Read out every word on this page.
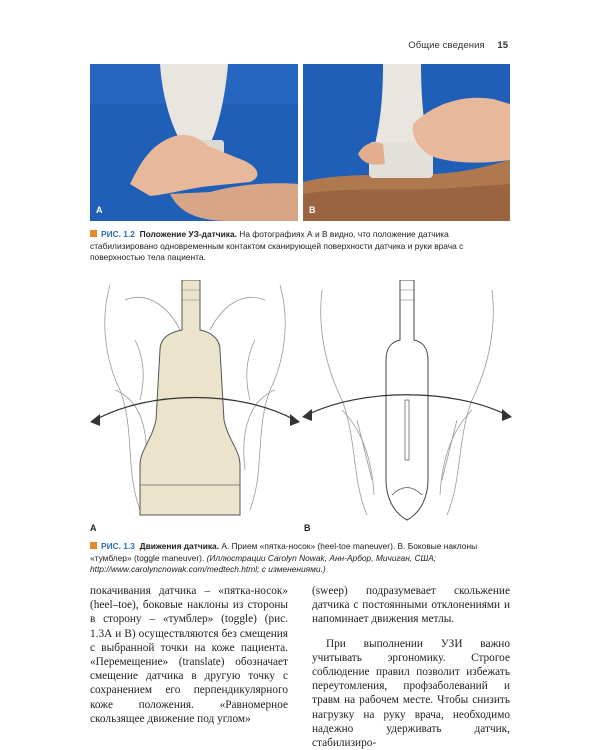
Общие сведения 15
A	B
РИС. 1.2 Положение УЗ-датчика. На фотографиях А и В видно, что положение датчика стабилизировано одновременным контактом сканирующей поверхности датчика и руки врача с поверхностью тела пациента.
A	B
РИС. 1.3 Движения датчика. А. Прием «пятка-носок» (heel-toe maneuver). В. Боковые наклоны «тумблер» (toggle maneuver). (Иллюстрации Carolyn Nowak, Анн-Арбор, Мичиган, США; http://www.carolyncnowak.com/medtech.html; с изменениями.)

покачивания датчика – «пятка-носок» (heel–toe), боковые наклоны из стороны в сторону – «тумблер» (toggle) (рис. 1.3А и В) осуществляются без смещения с выбранной точки на коже пациента. «Перемещение» (translate) обозначает смещение датчика в другую точку с сохранением его перпендикулярного коже положения. «Равномерное скользящее движение под углом»

(sweep) подразумевает скольжение датчика с постоянными отклонениями и напоминает движения метлы.

При выполнении УЗИ важно учитывать эргономику. Строгое соблюдение правил позволит избежать переутомления, профзаболеваний и травм на рабочем месте. Чтобы снизить нагрузку на руку врача, необходимо надежно удерживать датчик, стабилизиро-
